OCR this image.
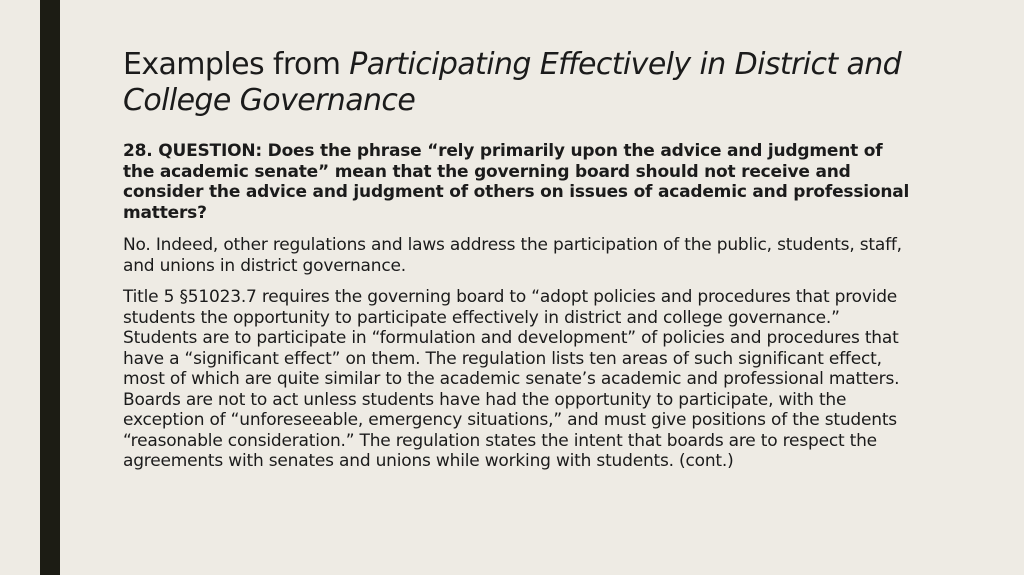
Examples from Participating Effectively in District and College Governance

28. QUESTION: Does the phrase “rely primarily upon the advice and judgment of the academic senate” mean that the governing board should not receive and consider the advice and judgment of others on issues of academic and professional matters?

No. Indeed, other regulations and laws address the participation of the public, students, staff, and unions in district governance.

Title 5 §51023.7 requires the governing board to “adopt policies and procedures that provide students the opportunity to participate effectively in district and college governance.” Students are to participate in “formulation and development” of policies and procedures that have a “significant effect” on them. The regulation lists ten areas of such significant effect, most of which are quite similar to the academic senate’s academic and professional matters. Boards are not to act unless students have had the opportunity to participate, with the exception of “unforeseeable, emergency situations,” and must give positions of the students “reasonable consideration.” The regulation states the intent that boards are to respect the agreements with senates and unions while working with students. (cont.)
